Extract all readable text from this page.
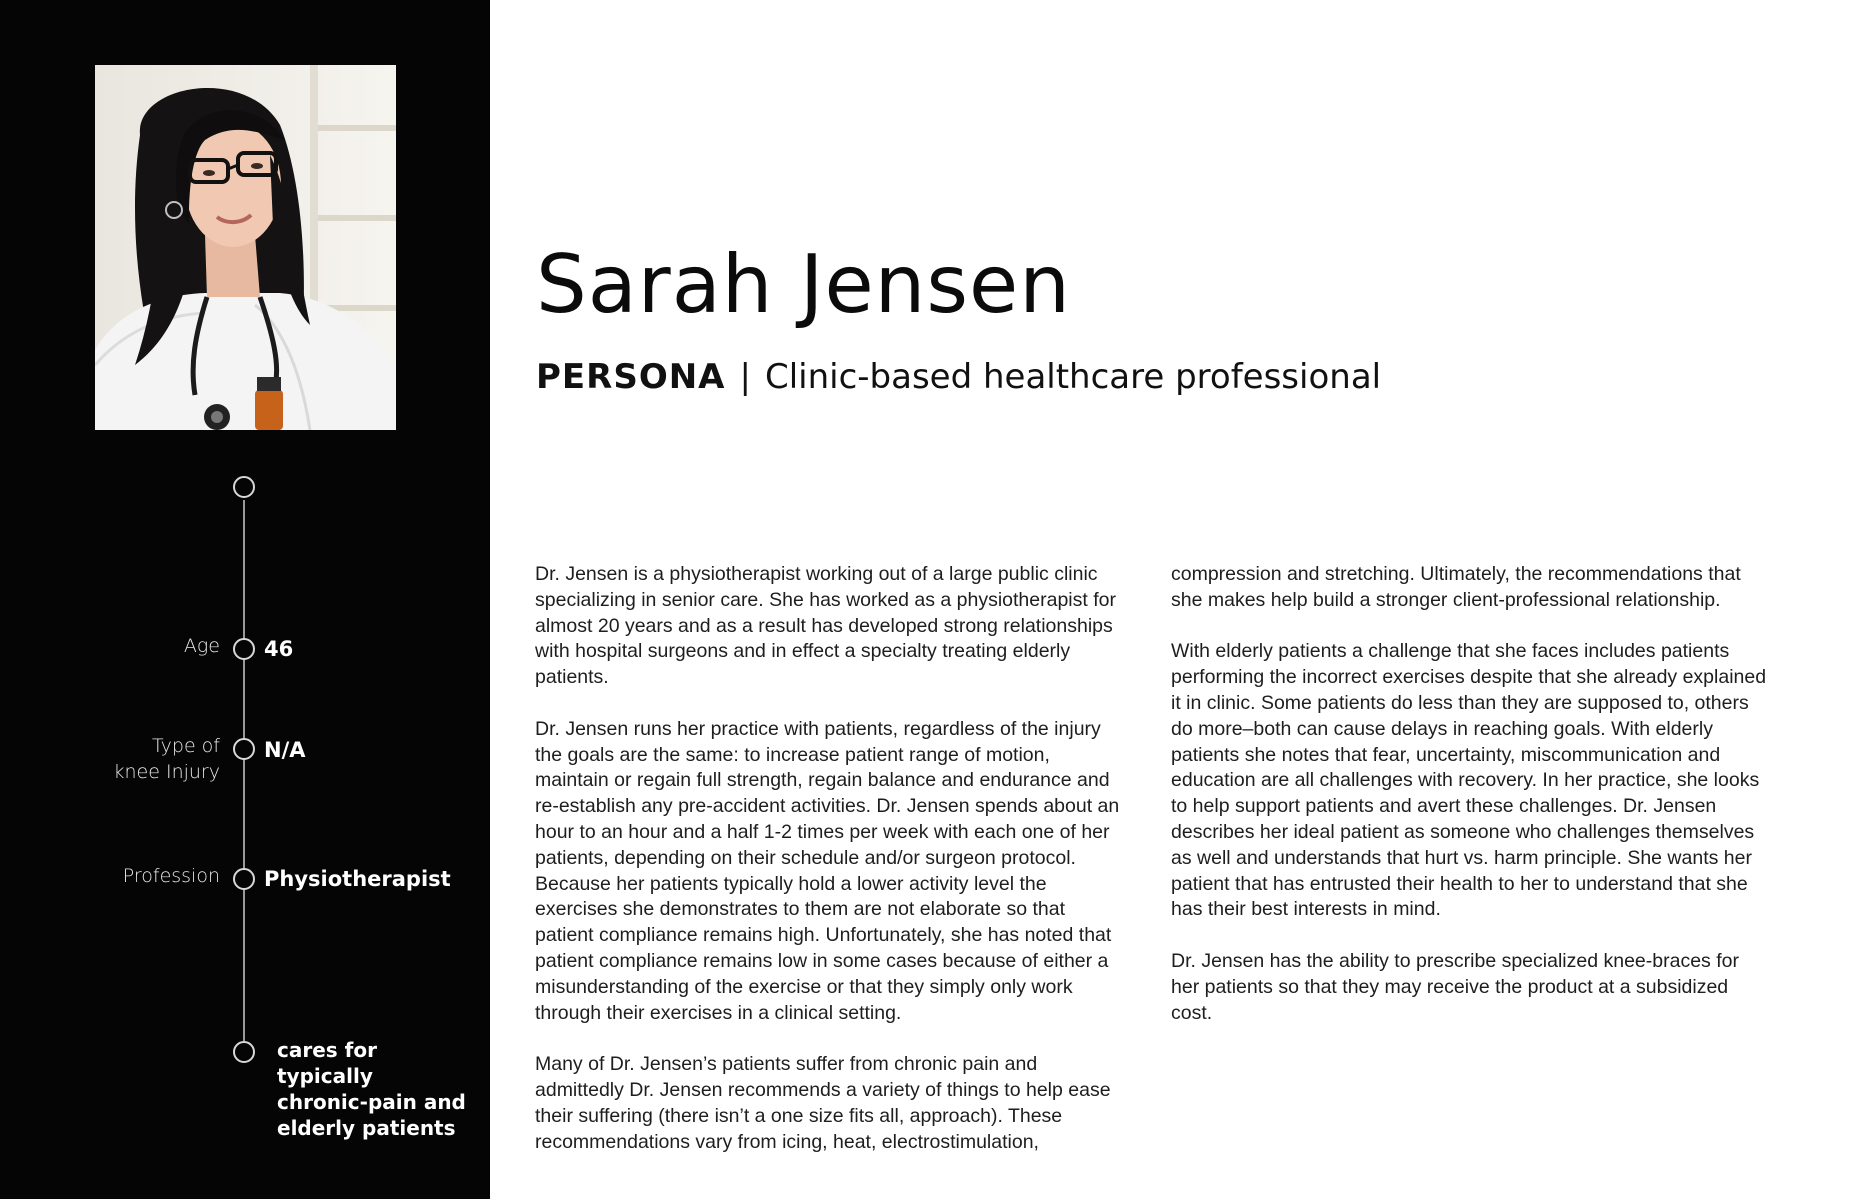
Age 46
Type of
knee Injury
N/A
Profession Physiotherapist
cares for
typically
chronic-pain and
elderly patients
Sarah Jensen
PERSONA | Clinic-based healthcare professional

Dr. Jensen is a physiotherapist working out of a large public clinic specializing in senior care. She has worked as a physiotherapist for almost 20 years and as a result has developed strong relationships with hospital surgeons and in effect a specialty treating elderly patients.

Dr. Jensen runs her practice with patients, regardless of the injury the goals are the same: to increase patient range of motion, maintain or regain full strength, regain balance and endurance and re-establish any pre-accident activities. Dr. Jensen spends about an hour to an hour and a half 1-2 times per week with each one of her patients, depending on their schedule and/or surgeon protocol. Because her patients typically hold a lower activity level the exercises she demonstrates to them are not elaborate so that patient compliance remains high. Unfortunately, she has noted that patient compliance remains low in some cases because of either a misunderstanding of the exercise or that they simply only work through their exercises in a clinical setting.

Many of Dr. Jensen’s patients suffer from chronic pain and admittedly Dr. Jensen recommends a variety of things to help ease their suffering (there isn’t a one size fits all, approach). These recommendations vary from icing, heat, electrostimulation,

compression and stretching. Ultimately, the recommendations that she makes help build a stronger client-professional relationship.

With elderly patients a challenge that she faces includes patients performing the incorrect exercises despite that she already explained it in clinic. Some patients do less than they are supposed to, others do more–both can cause delays in reaching goals. With elderly patients she notes that fear, uncertainty, miscommunication and education are all challenges with recovery. In her practice, she looks to help support patients and avert these challenges. Dr. Jensen describes her ideal patient as someone who challenges themselves as well and understands that hurt vs. harm principle. She wants her patient that has entrusted their health to her to understand that she has their best interests in mind.

Dr. Jensen has the ability to prescribe specialized knee-braces for her patients so that they may receive the product at a subsidized cost.
